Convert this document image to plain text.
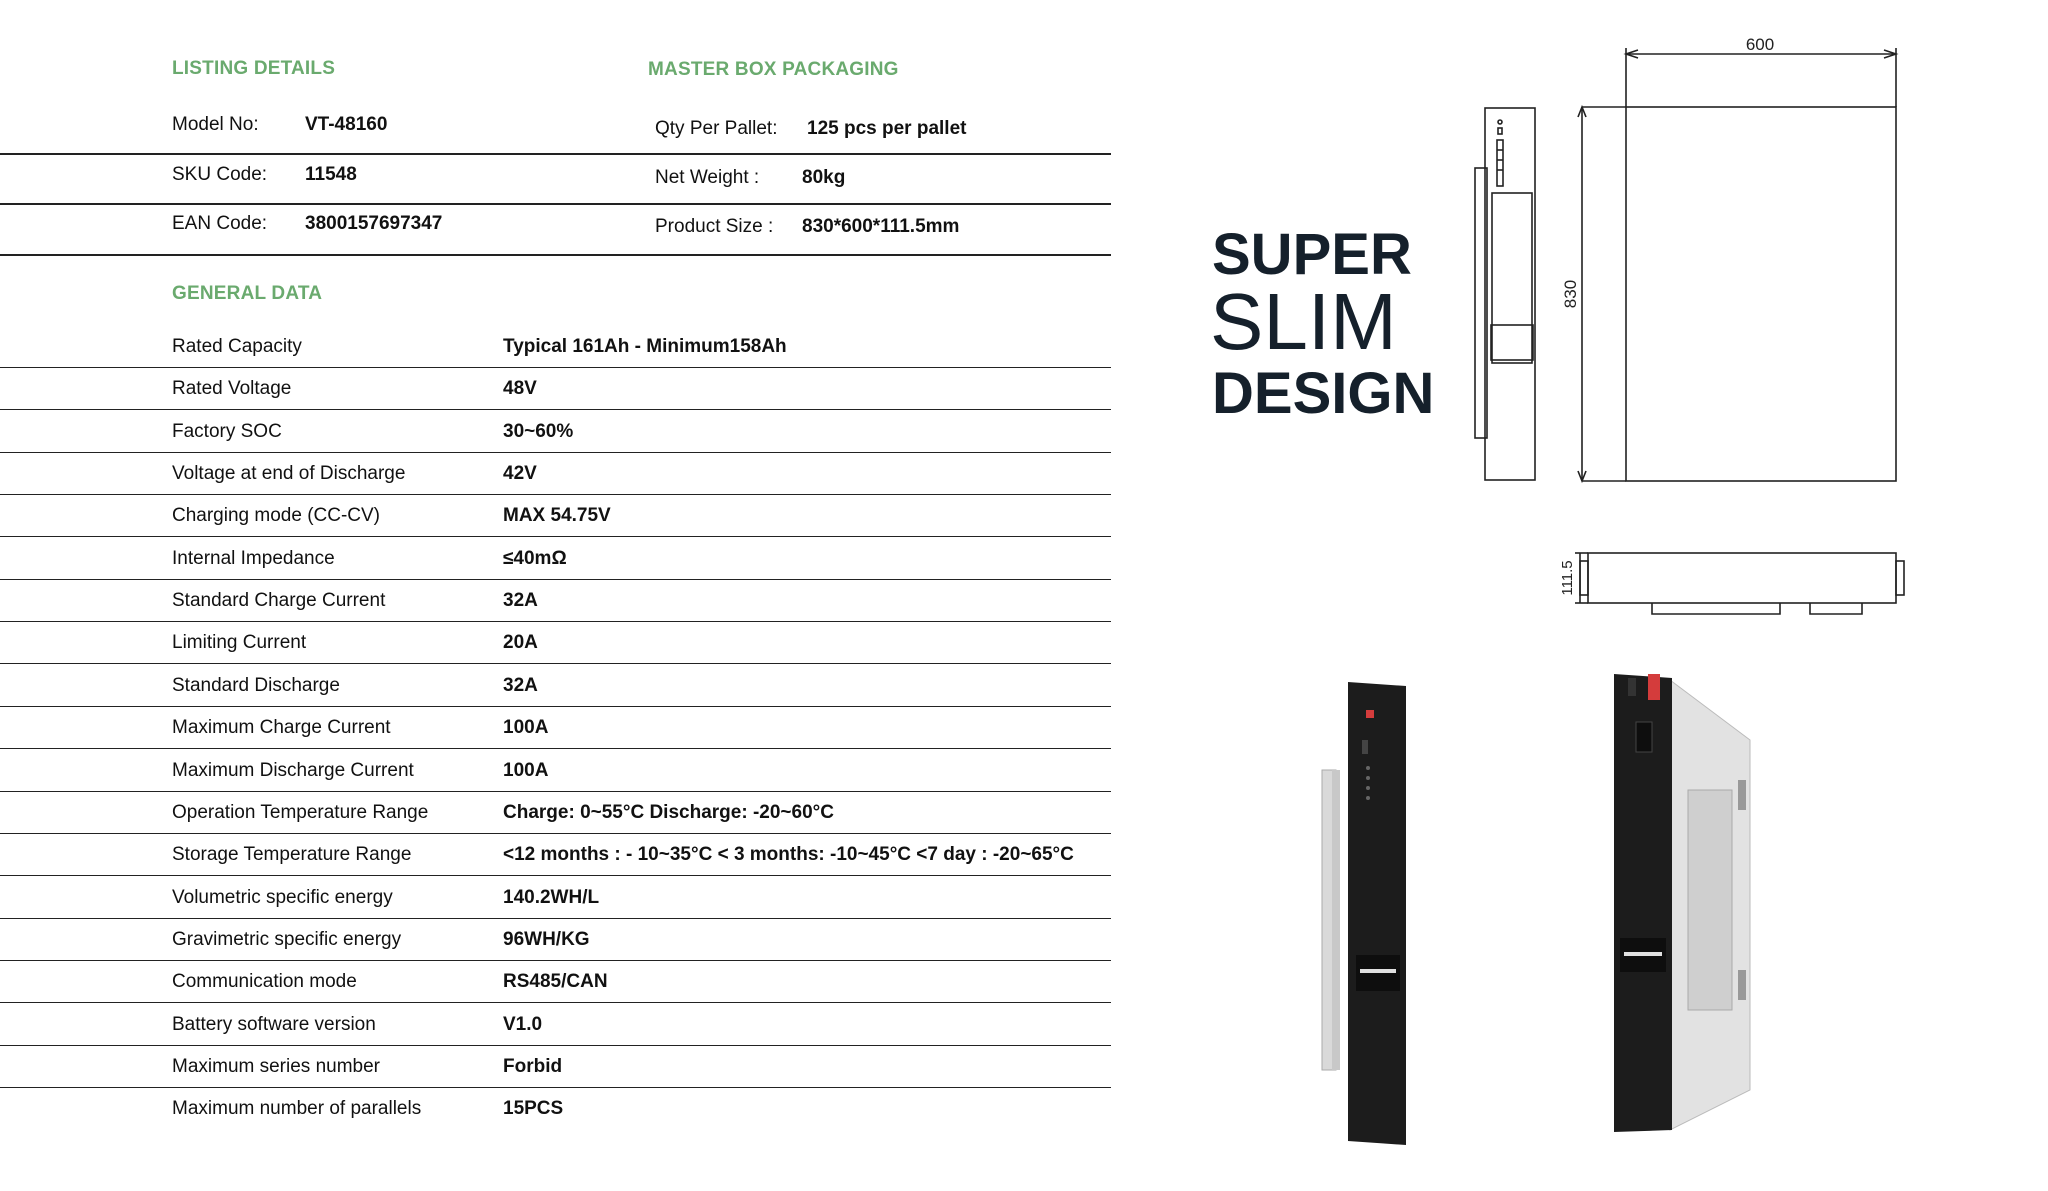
LISTING DETAILS
Model No: VT-48160
SKU Code: 11548
EAN Code: 3800157697347
MASTER BOX PACKAGING
Qty Per Pallet: 125 pcs per pallet
Net Weight : 80kg
Product Size : 830*600*111.5mm
GENERAL DATA
Rated Capacity	Typical 161Ah - Minimum158Ah
Rated Voltage	48V
Factory SOC	30~60%
Voltage at end of Discharge	42V
Charging mode (CC-CV)	MAX 54.75V
Internal Impedance	≤40mΩ
Standard Charge Current	32A
Limiting Current	20A
Standard Discharge	32A
Maximum Charge Current	100A
Maximum Discharge Current	100A
Operation Temperature Range	Charge: 0~55°C Discharge: -20~60°C
Storage Temperature Range	<12 months : - 10~35°C < 3 months: -10~45°C <7 day : -20~65°C
Volumetric specific energy	140.2WH/L
Gravimetric specific energy	96WH/KG
Communication mode	RS485/CAN
Battery software version	V1.0
Maximum series number	Forbid
Maximum number of parallels	15PCS
SUPER
SLIM
DESIGN
600
830
111.5
